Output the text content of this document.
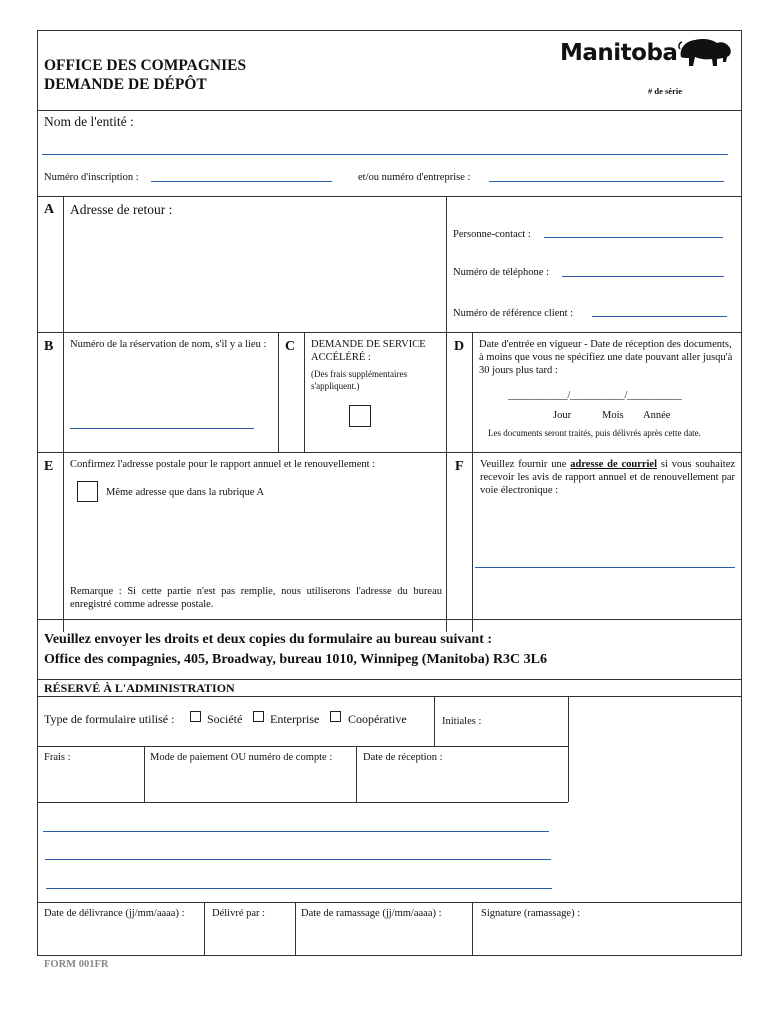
OFFICE DES COMPAGNIES
DEMANDE DE DÉPÔT
Manitoba
# de série
Nom de l'entité :
Numéro d'inscription :	et/ou numéro d'entreprise :
A Adresse de retour :
Personne-contact :
Numéro de téléphone :
Numéro de référence client :
B Numéro de la réservation de nom, s'il y a lieu :	C DEMANDE DE SERVICE ACCÉLÉRÉ :
(Des frais supplémentaires s'appliquent.)
D Date d'entrée en vigueur - Date de réception des documents, à moins que vous ne spécifiez une date pouvant aller jusqu'à 30 jours plus tard :
____________/___________/___________
Jour	Mois Année
Les documents seront traités, puis délivrés après cette date.
E Confirmez l'adresse postale pour le rapport annuel et le renouvellement :
Même adresse que dans la rubrique A
Remarque : Si cette partie n'est pas remplie, nous utiliserons l'adresse du bureau enregistré comme adresse postale.
F Veuillez fournir une adresse de courriel si vous souhaitez recevoir les avis de rapport annuel et de renouvellement par voie électronique :
Veuillez envoyer les droits et deux copies du formulaire au bureau suivant :
Office des compagnies, 405, Broadway, bureau 1010, Winnipeg (Manitoba) R3C 3L6
RÉSERVÉ À L'ADMINISTRATION
Type de formulaire utilisé :	Société Enterprise Coopérative	Initiales :
Frais :	Mode de paiement OU numéro de compte :	Date de réception :
Date de délivrance (jj/mm/aaaa) :	Délivré par :	Date de ramassage (jj/mm/aaaa) :	Signature (ramassage) :
FORM 001FR
